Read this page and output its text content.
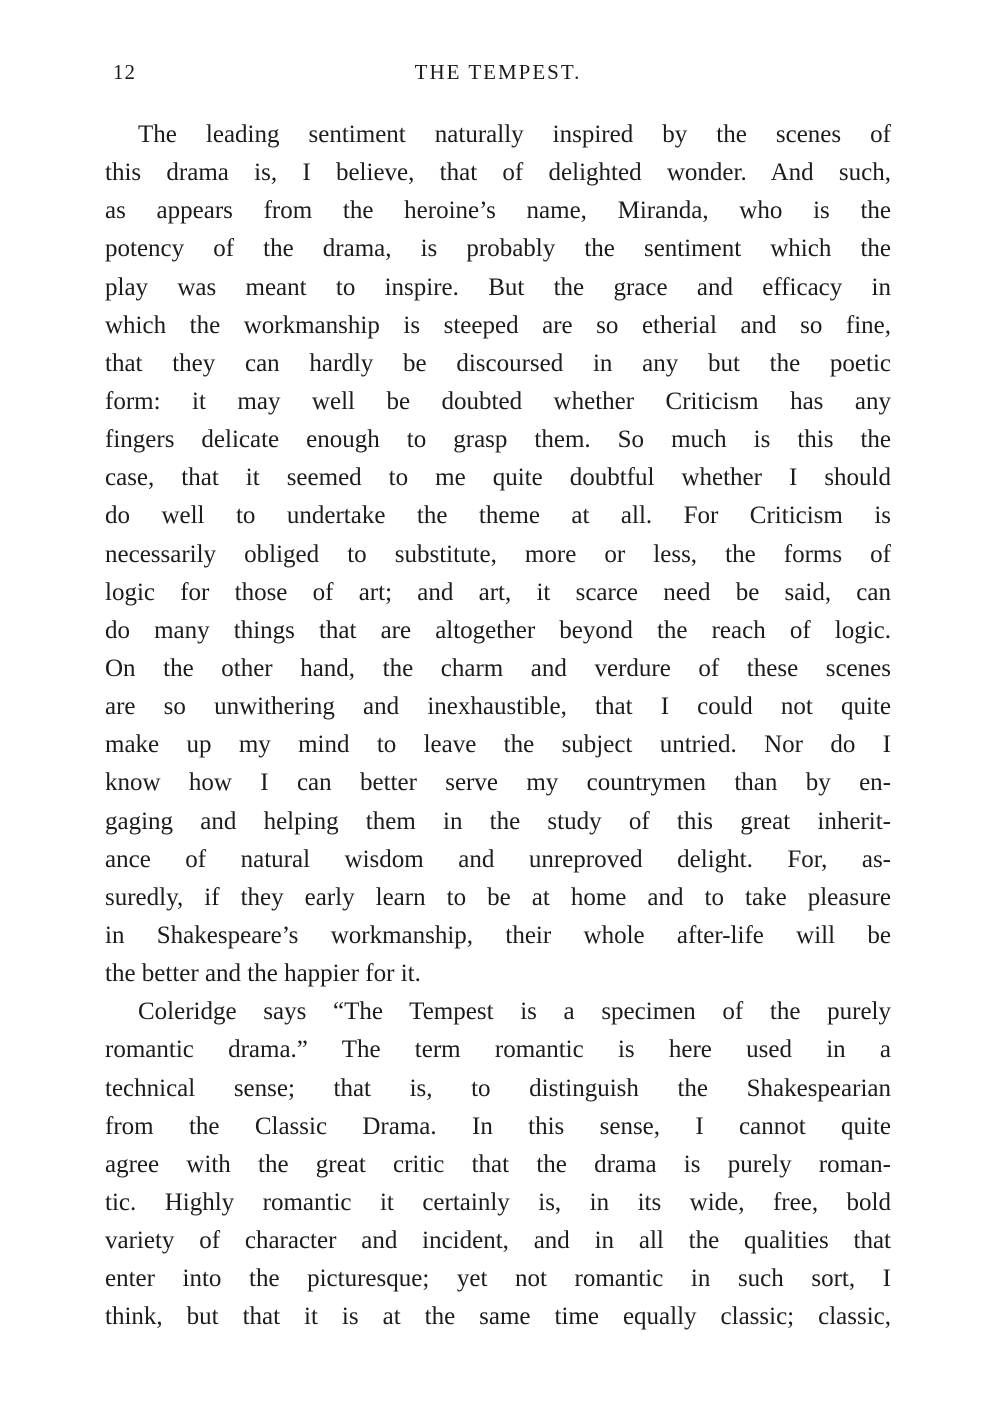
12	THE TEMPEST.
The leading sentiment naturally inspired by the scenes of
this drama is, I believe, that of delighted wonder. And such,
as appears from the heroine’s name, Miranda, who is the
potency of the drama, is probably the sentiment which the
play was meant to inspire. But the grace and efficacy in
which the workmanship is steeped are so etherial and so fine,
that they can hardly be discoursed in any but the poetic
form: it may well be doubted whether Criticism has any
fingers delicate enough to grasp them. So much is this the
case, that it seemed to me quite doubtful whether I should
do well to undertake the theme at all. For Criticism is
necessarily obliged to substitute, more or less, the forms of
logic for those of art; and art, it scarce need be said, can
do many things that are altogether beyond the reach of logic.
On the other hand, the charm and verdure of these scenes
are so unwithering and inexhaustible, that I could not quite
make up my mind to leave the subject untried. Nor do I
know how I can better serve my countrymen than by en-
gaging and helping them in the study of this great inherit-
ance of natural wisdom and unreproved delight. For, as-
suredly, if they early learn to be at home and to take pleasure
in Shakespeare’s workmanship, their whole after-life will be
the better and the happier for it.
Coleridge says “The Tempest is a specimen of the purely
romantic drama.” The term romantic is here used in a
technical sense; that is, to distinguish the Shakespearian
from the Classic Drama. In this sense, I cannot quite
agree with the great critic that the drama is purely roman-
tic. Highly romantic it certainly is, in its wide, free, bold
variety of character and incident, and in all the qualities that
enter into the picturesque; yet not romantic in such sort, I
think, but that it is at the same time equally classic; classic,
